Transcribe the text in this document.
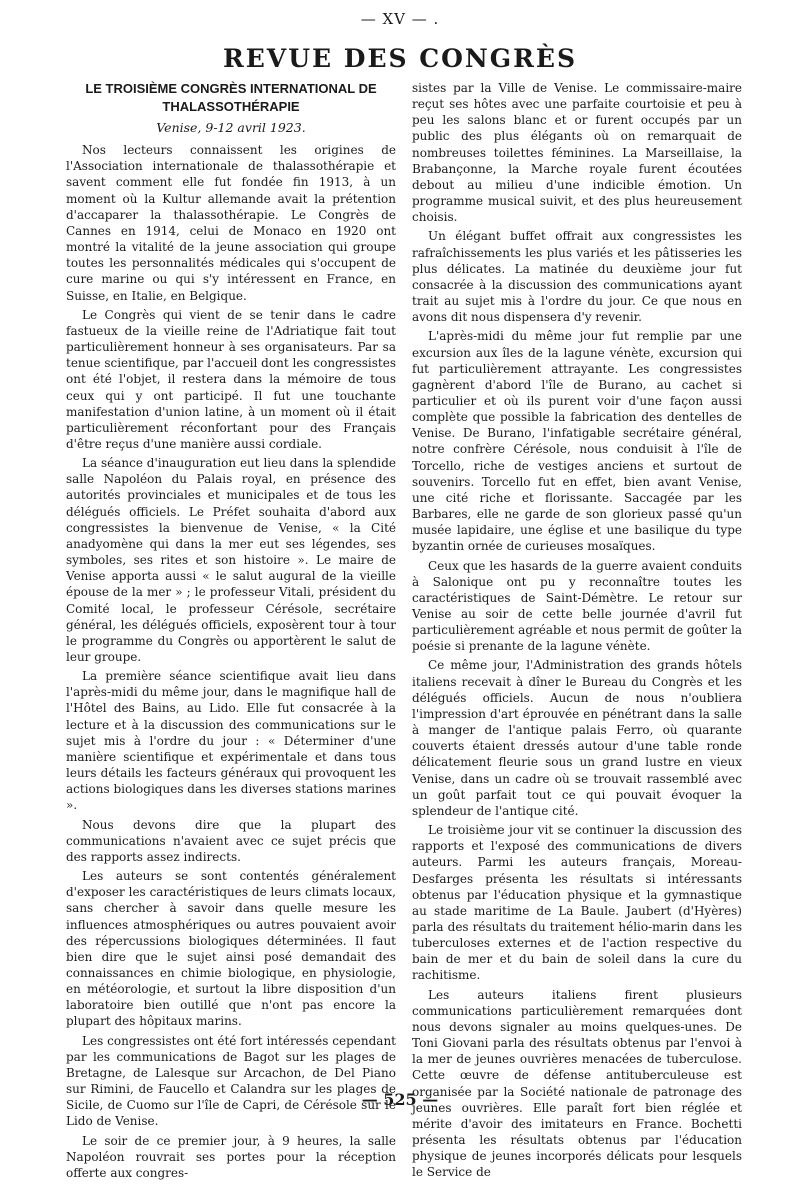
— XV — .
REVUE DES CONGRÈS
LE TROISIÈME CONGRÈS INTERNATIONAL DE THALASSOTHÉRAPIE
Venise, 9-12 avril 1923.

Nos lecteurs connaissent les origines de l'Association internationale de thalassothérapie et savent comment elle fut fondée fin 1913, à un moment où la Kultur allemande avait la prétention d'accaparer la thalassothérapie. Le Congrès de Cannes en 1914, celui de Monaco en 1920 ont montré la vitalité de la jeune association qui groupe toutes les personnalités médicales qui s'occupent de cure marine ou qui s'y intéressent en France, en Suisse, en Italie, en Belgique.

Le Congrès qui vient de se tenir dans le cadre fastueux de la vieille reine de l'Adriatique fait tout particulièrement honneur à ses organisateurs. Par sa tenue scientifique, par l'accueil dont les congressistes ont été l'objet, il restera dans la mémoire de tous ceux qui y ont participé. Il fut une touchante manifestation d'union latine, à un moment où il était particulièrement réconfortant pour des Français d'être reçus d'une manière aussi cordiale.

La séance d'inauguration eut lieu dans la splendide salle Napoléon du Palais royal, en présence des autorités provinciales et municipales et de tous les délégués officiels. Le Préfet souhaita d'abord aux congressistes la bienvenue de Venise, « la Cité anadyomène qui dans la mer eut ses légendes, ses symboles, ses rites et son histoire ». Le maire de Venise apporta aussi « le salut augural de la vieille épouse de la mer » ; le professeur Vitali, président du Comité local, le professeur Cérésole, secrétaire général, les délégués officiels, exposèrent tour à tour le programme du Congrès ou apportèrent le salut de leur groupe.

La première séance scientifique avait lieu dans l'après-midi du même jour, dans le magnifique hall de l'Hôtel des Bains, au Lido. Elle fut consacrée à la lecture et à la discussion des communications sur le sujet mis à l'ordre du jour : « Déterminer d'une manière scientifique et expérimentale et dans tous leurs détails les facteurs généraux qui provoquent les actions biologiques dans les diverses stations marines ».

Nous devons dire que la plupart des communications n'avaient avec ce sujet précis que des rapports assez indirects.

Les auteurs se sont contentés généralement d'exposer les caractéristiques de leurs climats locaux, sans chercher à savoir dans quelle mesure les influences atmosphériques ou autres pouvaient avoir des répercussions biologiques déterminées. Il faut bien dire que le sujet ainsi posé demandait des connaissances en chimie biologique, en physiologie, en météorologie, et surtout la libre disposition d'un laboratoire bien outillé que n'ont pas encore la plupart des hôpitaux marins.

Les congressistes ont été fort intéressés cependant par les communications de Bagot sur les plages de Bretagne, de Lalesque sur Arcachon, de Del Piano sur Rimini, de Faucello et Calandra sur les plages de Sicile, de Cuomo sur l'île de Capri, de Cérésole sur le Lido de Venise.

Le soir de ce premier jour, à 9 heures, la salle Napoléon rouvrait ses portes pour la réception offerte aux congres-

sistes par la Ville de Venise. Le commissaire-maire reçut ses hôtes avec une parfaite courtoisie et peu à peu les salons blanc et or furent occupés par un public des plus élégants où on remarquait de nombreuses toilettes féminines. La Marseillaise, la Brabançonne, la Marche royale furent écoutées debout au milieu d'une indicible émotion. Un programme musical suivit, et des plus heureusement choisis.

Un élégant buffet offrait aux congressistes les rafraîchissements les plus variés et les pâtisseries les plus délicates. La matinée du deuxième jour fut consacrée à la discussion des communications ayant trait au sujet mis à l'ordre du jour. Ce que nous en avons dit nous dispensera d'y revenir.

L'après-midi du même jour fut remplie par une excursion aux îles de la lagune vénète, excursion qui fut particulièrement attrayante. Les congressistes gagnèrent d'abord l'île de Burano, au cachet si particulier et où ils purent voir d'une façon aussi complète que possible la fabrication des dentelles de Venise. De Burano, l'infatigable secrétaire général, notre confrère Cérésole, nous conduisit à l'île de Torcello, riche de vestiges anciens et surtout de souvenirs. Torcello fut en effet, bien avant Venise, une cité riche et florissante. Saccagée par les Barbares, elle ne garde de son glorieux passé qu'un musée lapidaire, une église et une basilique du type byzantin ornée de curieuses mosaïques.

Ceux que les hasards de la guerre avaient conduits à Salonique ont pu y reconnaître toutes les caractéristiques de Saint-Démètre. Le retour sur Venise au soir de cette belle journée d'avril fut particulièrement agréable et nous permit de goûter la poésie si prenante de la lagune vénète.

Ce même jour, l'Administration des grands hôtels italiens recevait à dîner le Bureau du Congrès et les délégués officiels. Aucun de nous n'oubliera l'impression d'art éprouvée en pénétrant dans la salle à manger de l'antique palais Ferro, où quarante couverts étaient dressés autour d'une table ronde délicatement fleurie sous un grand lustre en vieux Venise, dans un cadre où se trouvait rassemblé avec un goût parfait tout ce qui pouvait évoquer la splendeur de l'antique cité.

Le troisième jour vit se continuer la discussion des rapports et l'exposé des communications de divers auteurs. Parmi les auteurs français, Moreau-Desfarges présenta les résultats si intéressants obtenus par l'éducation physique et la gymnastique au stade maritime de La Baule. Jaubert (d'Hyères) parla des résultats du traitement hélio-marin dans les tuberculoses externes et de l'action respective du bain de mer et du bain de soleil dans la cure du rachitisme.

Les auteurs italiens firent plusieurs communications particulièrement remarquées dont nous devons signaler au moins quelques-unes. De Toni Giovani parla des résultats obtenus par l'envoi à la mer de jeunes ouvrières menacées de tuberculose. Cette œuvre de défense antituberculeuse est organisée par la Société nationale de patronage des jeunes ouvrières. Elle paraît fort bien réglée et mérite d'avoir des imitateurs en France. Bochetti présenta les résultats obtenus par l'éducation physique de jeunes incorporés délicats pour lesquels le Service de

— 525 —
